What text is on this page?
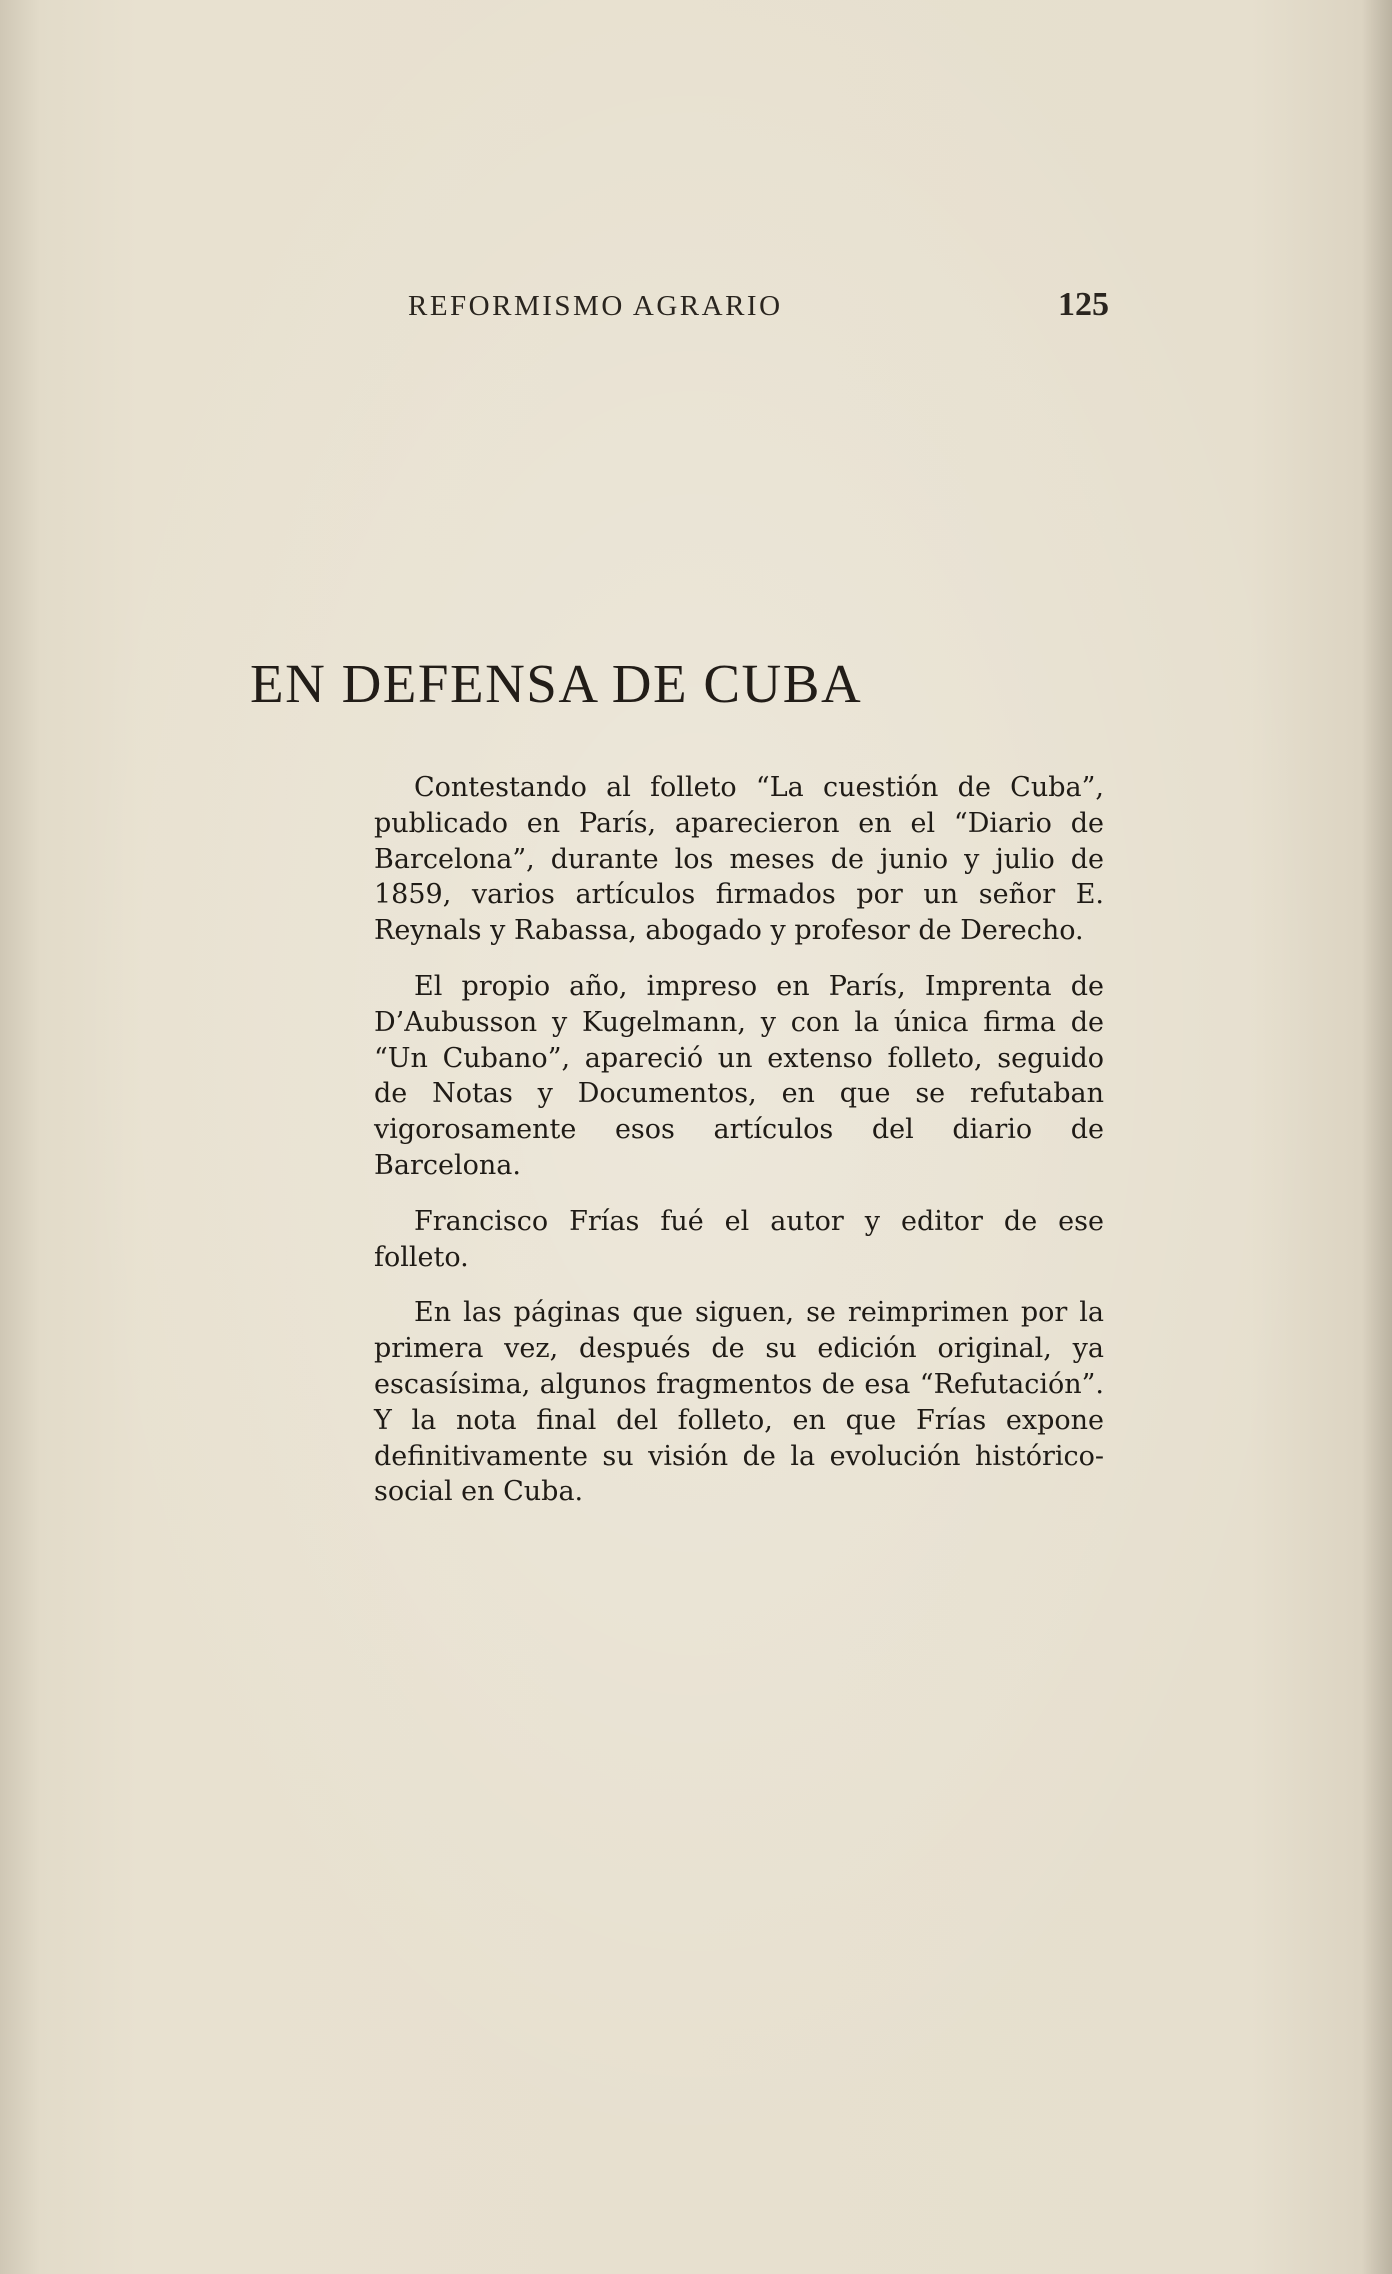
REFORMISMO AGRARIO	125
EN DEFENSA DE CUBA

Contestando al folleto “La cuestión de Cuba”, publicado en París, aparecieron en el “Diario de Barcelona”, durante los meses de junio y julio de 1859, varios artículos firmados por un señor E. Reynals y Rabassa, abogado y profesor de Derecho.

El propio año, impreso en París, Imprenta de D’Aubusson y Kugelmann, y con la única firma de “Un Cubano”, apareció un extenso folleto, seguido de Notas y Documentos, en que se refutaban vigorosamente esos artículos del diario de Barcelona.

Francisco Frías fué el autor y editor de ese folleto.

En las páginas que siguen, se reimprimen por la primera vez, después de su edición original, ya escasísima, algunos fragmentos de esa “Refutación”. Y la nota final del folleto, en que Frías expone definitivamente su visión de la evolución histórico-social en Cuba.
